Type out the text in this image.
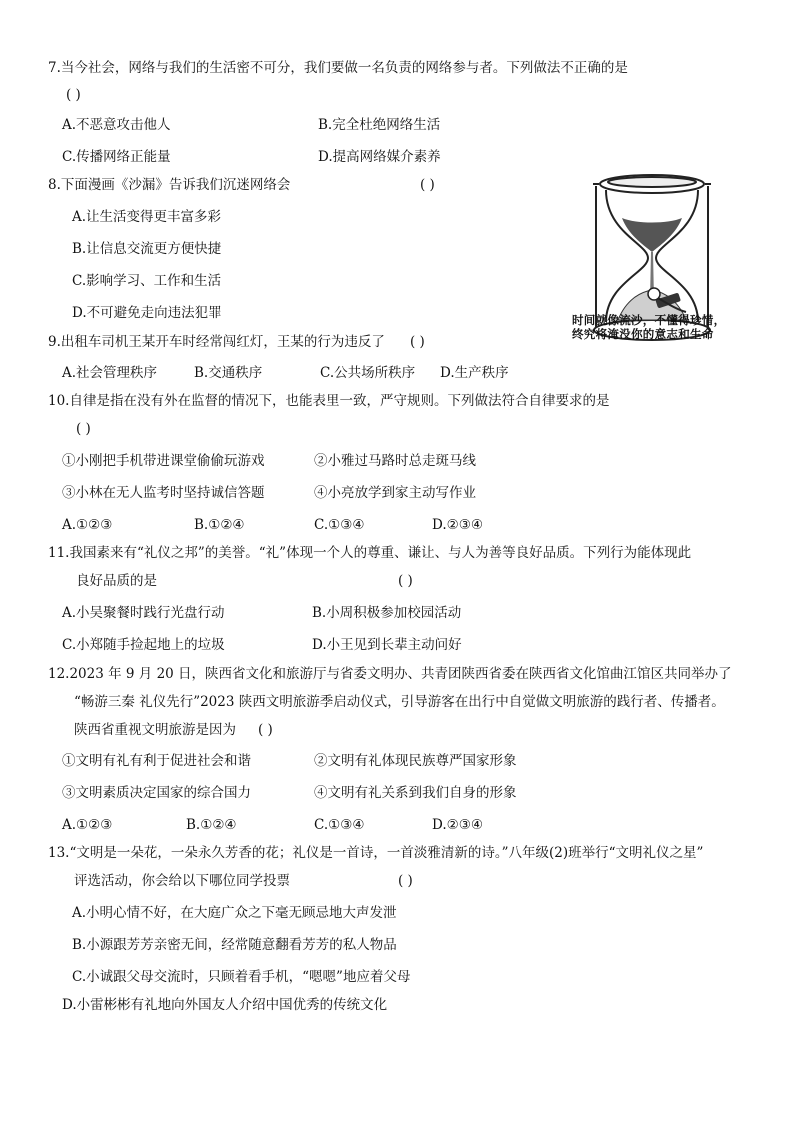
7.当今社会，网络与我们的生活密不可分，我们要做一名负责的网络参与者。下列做法不正确的是
( )
A.不恶意攻击他人	B.完全杜绝网络生活
C.传播网络正能量	D.提高网络媒介素养
8.下面漫画《沙漏》告诉我们沉迷网络会	( )
A.让生活变得更丰富多彩
B.让信息交流更方便快捷
C.影响学习、工作和生活
D.不可避免走向违法犯罪	时间就像流沙，不懂得珍惜，
终究将淹没你的意志和生命
9.出租车司机王某开车时经常闯红灯，王某的行为违反了 ( )
A.社会管理秩序	B.交通秩序	C.公共场所秩序 D.生产秩序
10.自律是指在没有外在监督的情况下，也能表里一致，严守规则。下列做法符合自律要求的是
( )
①小刚把手机带进课堂偷偷玩游戏	②小雅过马路时总走斑马线
③小林在无人监考时坚持诚信答题	④小亮放学到家主动写作业
A.①②③	B.①②④	C.①③④	D.②③④
11.我国素来有“礼仪之邦”的美誉。“礼”体现一个人的尊重、谦让、与人为善等良好品质。下列行为能体现此
良好品质的是	( )
A.小吴聚餐时践行光盘行动	B.小周积极参加校园活动
C.小郑随手捡起地上的垃圾	D.小王见到长辈主动问好
12.2023 年 9 月 20 日，陕西省文化和旅游厅与省委文明办、共青团陕西省委在陕西省文化馆曲江馆区共同举办了
“畅游三秦 礼仪先行”2023 陕西文明旅游季启动仪式，引导游客在出行中自觉做文明旅游的践行者、传播者。
陕西省重视文明旅游是因为 ( )
①文明有礼有利于促进社会和谐	②文明有礼体现民族尊严国家形象
③文明素质决定国家的综合国力	④文明有礼关系到我们自身的形象
A.①②③	B.①②④	C.①③④	D.②③④
13.“文明是一朵花，一朵永久芳香的花；礼仪是一首诗，一首淡雅清新的诗。”八年级(2)班举行“文明礼仪之星”
评选活动，你会给以下哪位同学投票	( )
A.小明心情不好，在大庭广众之下毫无顾忌地大声发泄
B.小源跟芳芳亲密无间，经常随意翻看芳芳的私人物品
C.小诚跟父母交流时，只顾着看手机，“嗯嗯”地应着父母
D.小雷彬彬有礼地向外国友人介绍中国优秀的传统文化
